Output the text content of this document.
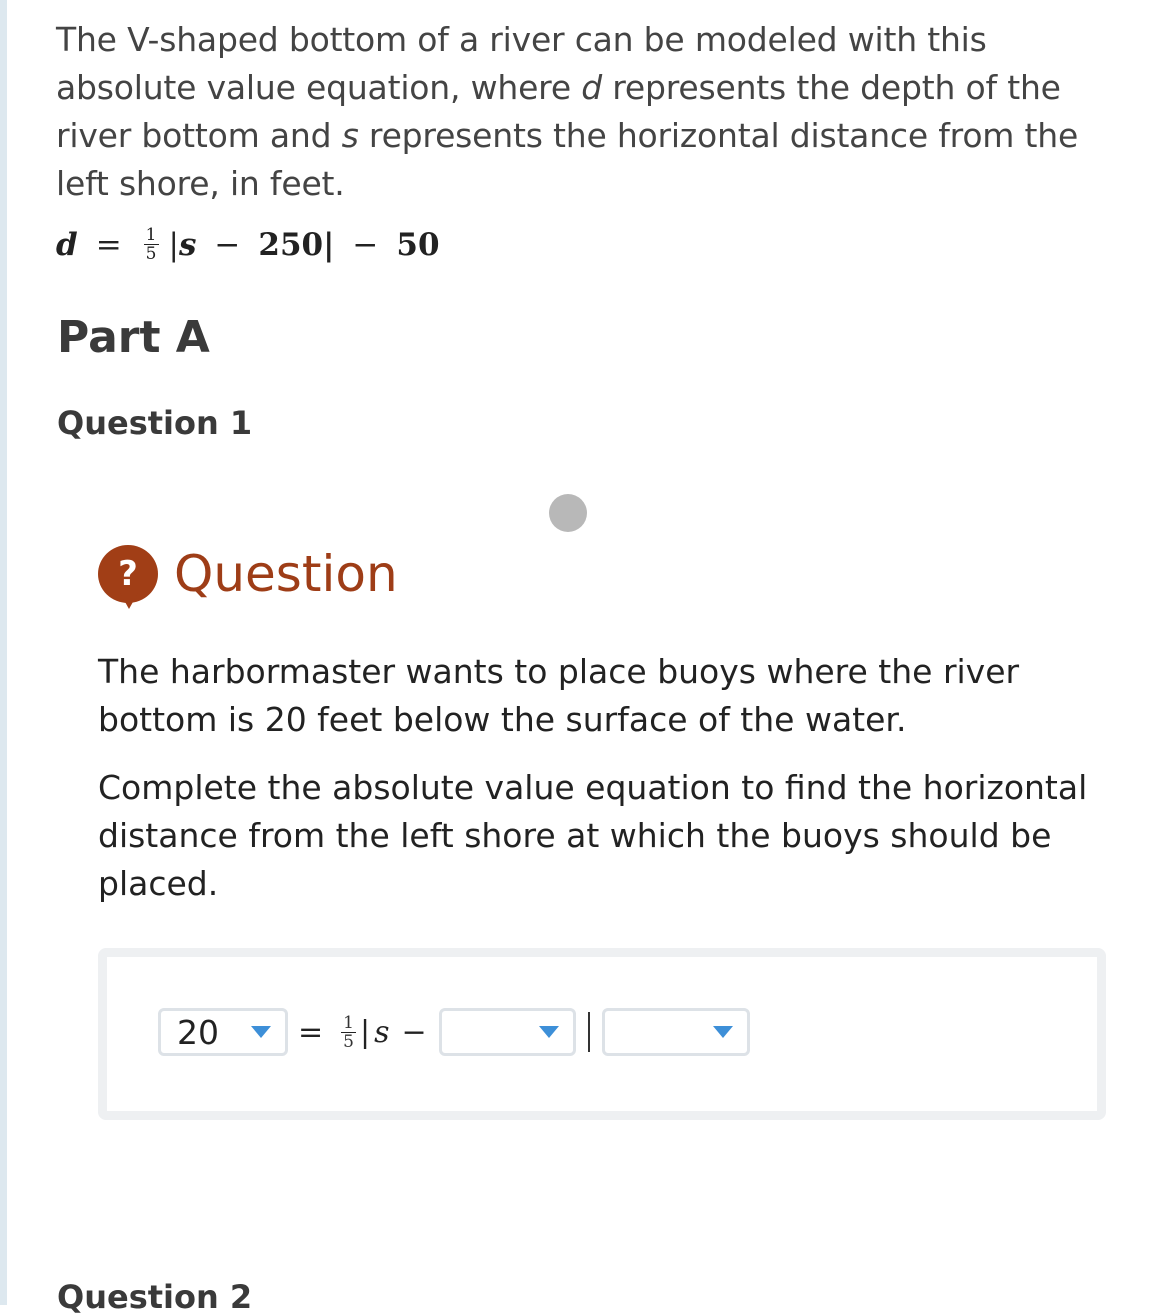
The V-shaped bottom of a river can be modeled with this absolute value equation, where d represents the depth of the river bottom and s represents the horizontal distance from the left shore, in feet.
$d = \frac{1}{5}$ | s − 250| − 50
Part A
Question 1
? Question
The harbormaster wants to place buoys where the river bottom is 20 feet below the surface of the water.
Complete the absolute value equation to find the horizontal distance from the left shore at which the buoys should be placed.
20	= $\frac{1}{5}$ | s −
Question 2
